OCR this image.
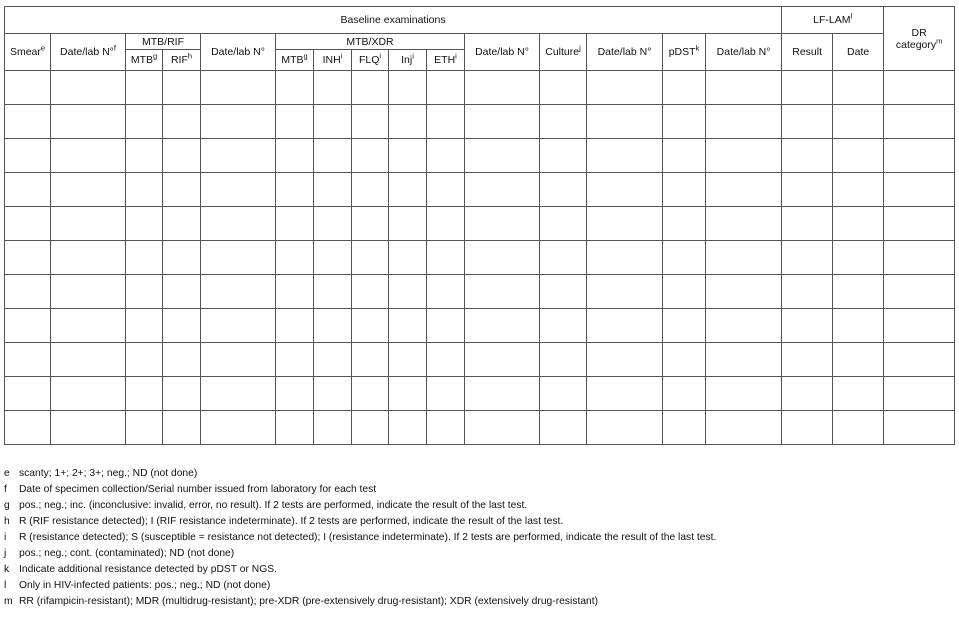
Baseline examinations															LF-LAM$^l$		DR
category$^m$
Smear$^e$	Date/lab N°$^f$	MTB/RIF		Date/lab N°	MTB/XDR					Date/lab N°	Culture$^j$	Date/lab N°	pDST$^k$	Date/lab N°	Result	Date	
		MTB$^g$	RIF$^h$		MTB$^g$	INH$^i$	FLQ$^i$	Inj$^i$	ETH$^i$

e scanty; 1+; 2+; 3+; neg.; ND (not done)
f	Date of specimen collection/Serial number issued from laboratory for each test
g pos.; neg.; inc. (inconclusive: invalid, error, no result). If 2 tests are performed, indicate the result of the last test.
h R (RIF resistance detected); I (RIF resistance indeterminate). If 2 tests are performed, indicate the result of the last test.
i	R (resistance detected); S (susceptible = resistance not detected); I (resistance indeterminate). If 2 tests are performed, indicate the result of the last test.
j	pos.; neg.; cont. (contaminated); ND (not done)
k Indicate additional resistance detected by pDST or NGS.
l	Only in HIV-infected patients: pos.; neg.; ND (not done)
m RR (rifampicin-resistant); MDR (multidrug-resistant); pre-XDR (pre-extensively drug-resistant); XDR (extensively drug-resistant)
